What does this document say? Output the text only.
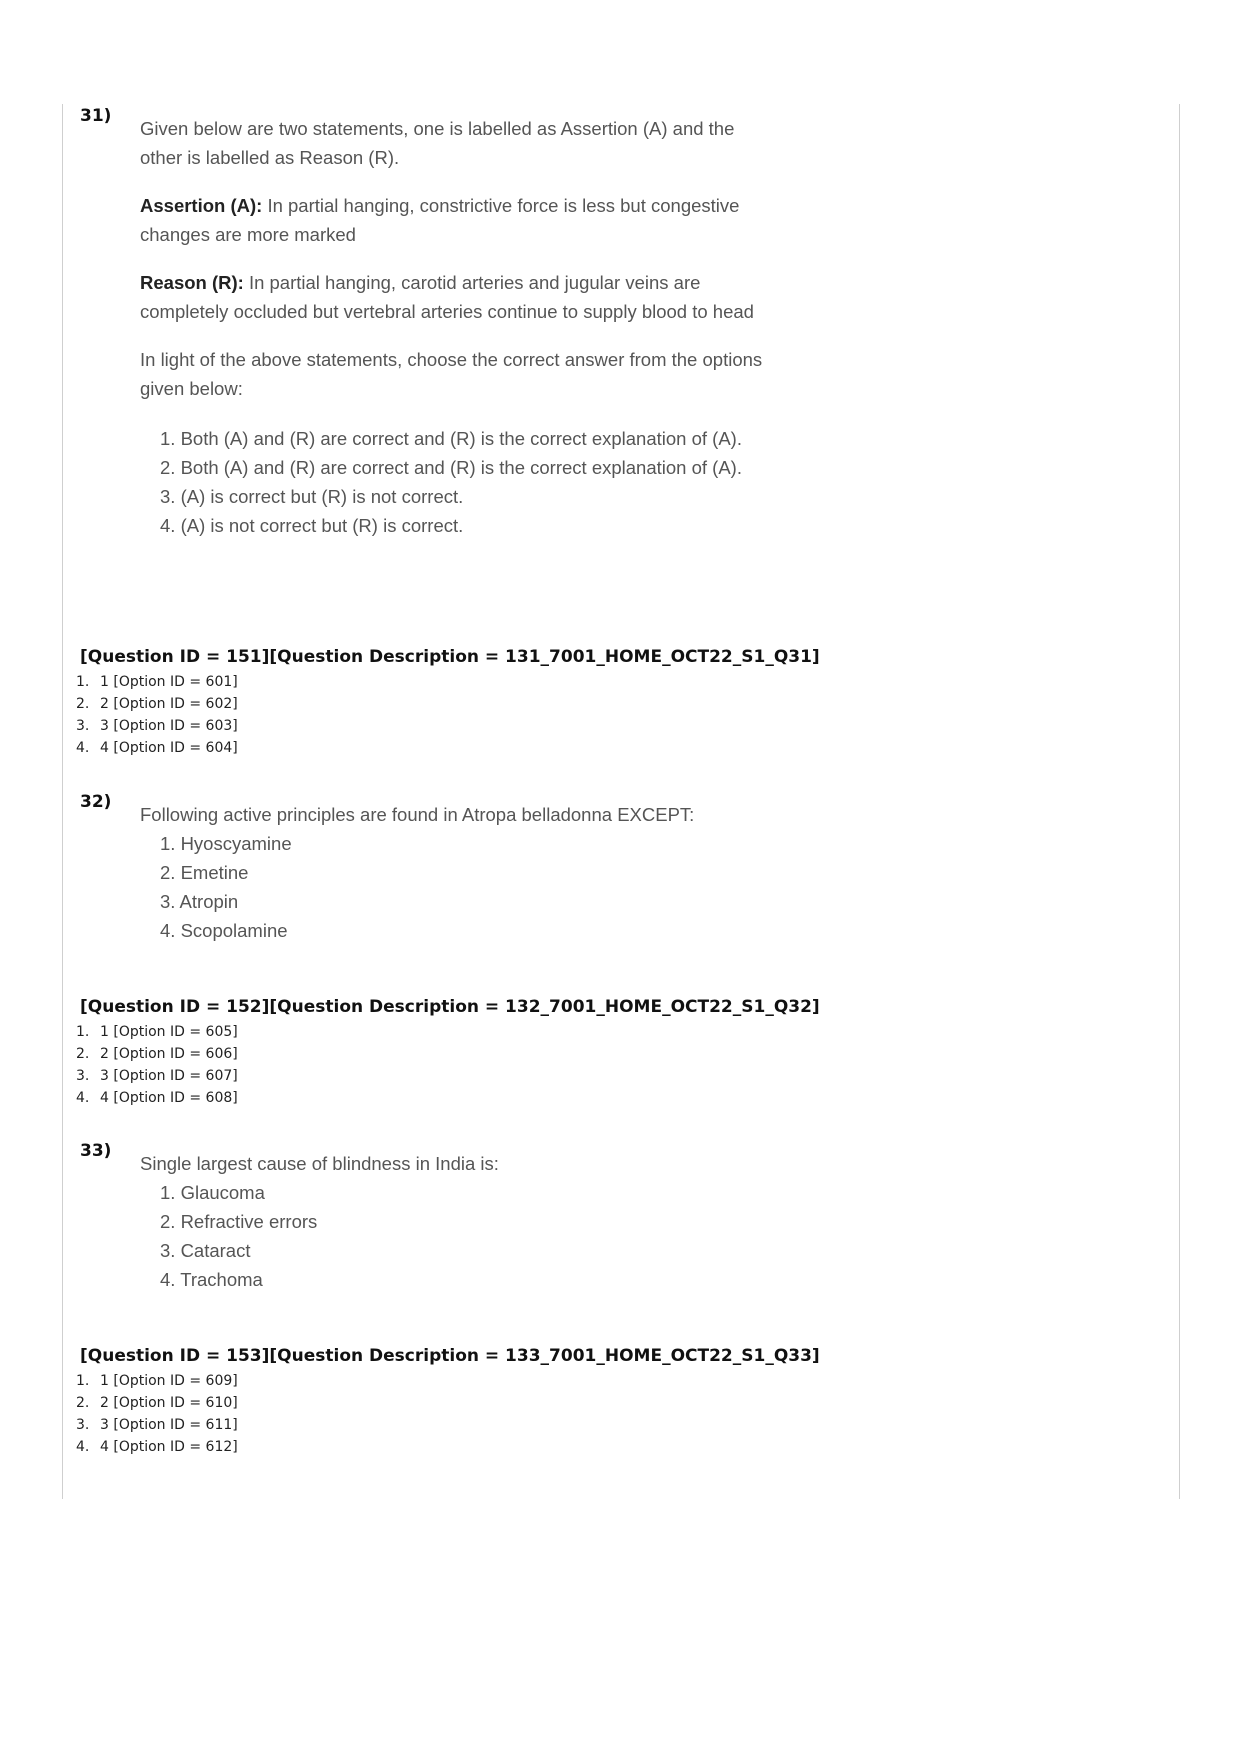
31)

Given below are two statements, one is labelled as Assertion (A) and the other is labelled as Reason (R).

Assertion (A): In partial hanging, constrictive force is less but congestive changes are more marked

Reason (R): In partial hanging, carotid arteries and jugular veins are completely occluded but vertebral arteries continue to supply blood to head

In light of the above statements, choose the correct answer from the options given below:

1. Both (A) and (R) are correct and (R) is the correct explanation of (A).
2. Both (A) and (R) are correct and (R) is the correct explanation of (A).
3. (A) is correct but (R) is not correct.
4. (A) is not correct but (R) is correct.
[Question ID = 151][Question Description = 131_7001_HOME_OCT22_S1_Q31]
1. 1 [Option ID = 601]
2. 2 [Option ID = 602]
3. 3 [Option ID = 603]
4. 4 [Option ID = 604]
32)

Following active principles are found in Atropa belladonna EXCEPT:

1. Hyoscyamine
2. Emetine
3. Atropin
4. Scopolamine
[Question ID = 152][Question Description = 132_7001_HOME_OCT22_S1_Q32]
1. 1 [Option ID = 605]
2. 2 [Option ID = 606]
3. 3 [Option ID = 607]
4. 4 [Option ID = 608]
33)

Single largest cause of blindness in India is:

1. Glaucoma
2. Refractive errors
3. Cataract
4. Trachoma
[Question ID = 153][Question Description = 133_7001_HOME_OCT22_S1_Q33]
1. 1 [Option ID = 609]
2. 2 [Option ID = 610]
3. 3 [Option ID = 611]
4. 4 [Option ID = 612]
